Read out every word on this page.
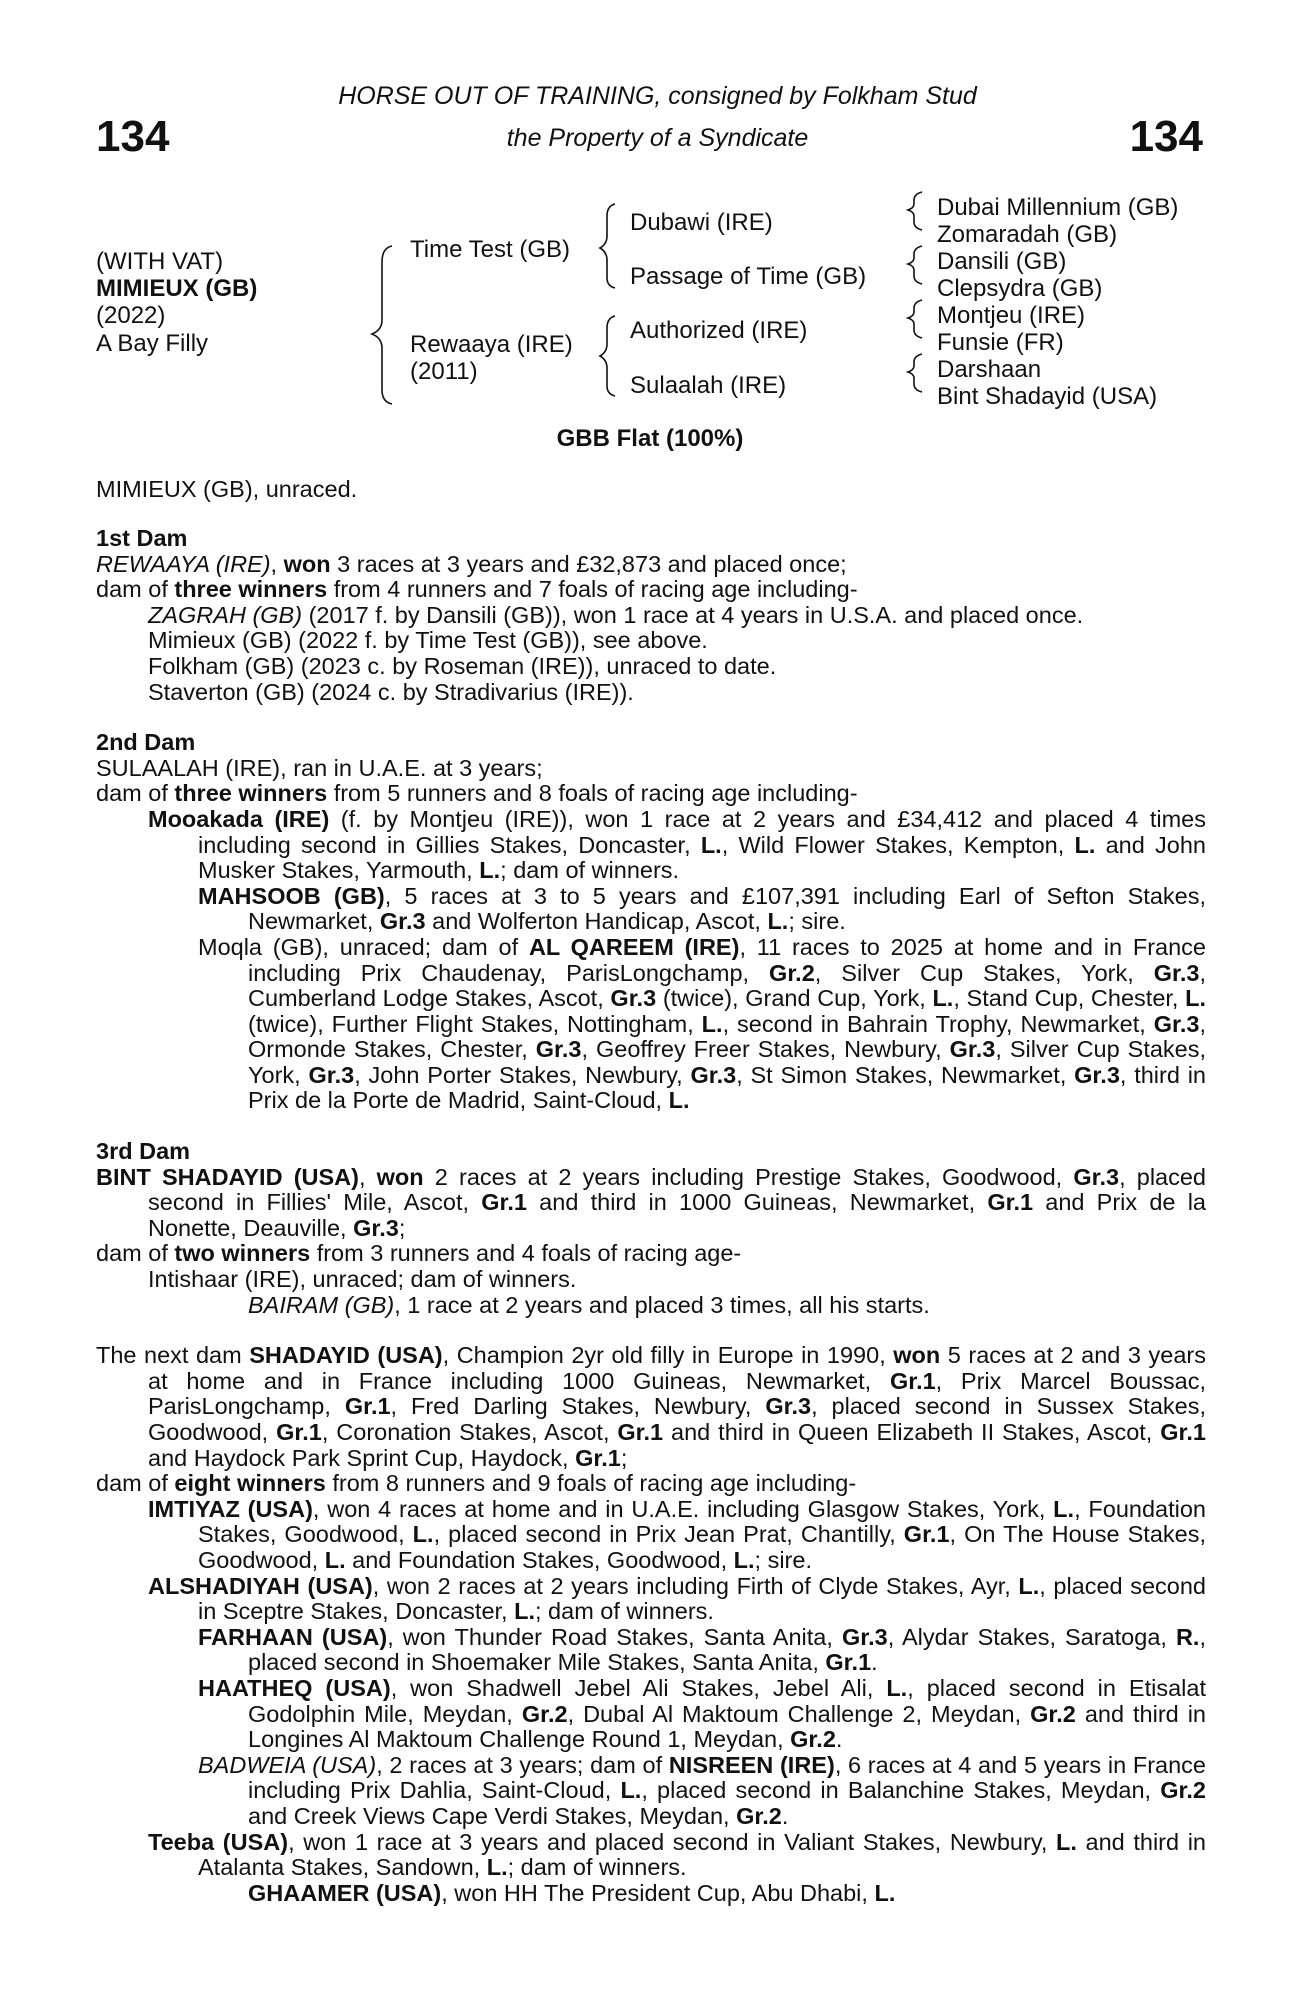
134	134
HORSE OUT OF TRAINING, consigned by Folkham Stud
the Property of a Syndicate
(WITH VAT)
MIMIEUX (GB)
(2022)
A Bay Filly
Time Test (GB)
Rewaaya (IRE)
(2011)
Dubawi (IRE)
Passage of Time (GB)
Authorized (IRE)
Sulaalah (IRE)
Dubai Millennium (GB)
Zomaradah (GB)
Dansili (GB)
Clepsydra (GB)
Montjeu (IRE)
Funsie (FR)
Darshaan
Bint Shadayid (USA)
GBB Flat (100%)
MIMIEUX (GB), unraced.
1st Dam
REWAAYA (IRE), won 3 races at 3 years and £32,873 and placed once;
dam of three winners from 4 runners and 7 foals of racing age including-
ZAGRAH (GB) (2017 f. by Dansili (GB)), won 1 race at 4 years in U.S.A. and placed once.
Mimieux (GB) (2022 f. by Time Test (GB)), see above.
Folkham (GB) (2023 c. by Roseman (IRE)), unraced to date.
Staverton (GB) (2024 c. by Stradivarius (IRE)).
2nd Dam
SULAALAH (IRE), ran in U.A.E. at 3 years;
dam of three winners from 5 runners and 8 foals of racing age including-
Mooakada (IRE) (f. by Montjeu (IRE)), won 1 race at 2 years and £34,412 and placed 4 times including second in Gillies Stakes, Doncaster, L., Wild Flower Stakes, Kempton, L. and John Musker Stakes, Yarmouth, L.; dam of winners.
MAHSOOB (GB), 5 races at 3 to 5 years and £107,391 including Earl of Sefton Stakes, Newmarket, Gr.3 and Wolferton Handicap, Ascot, L.; sire.
Moqla (GB), unraced; dam of AL QAREEM (IRE), 11 races to 2025 at home and in France including Prix Chaudenay, ParisLongchamp, Gr.2, Silver Cup Stakes, York, Gr.3, Cumberland Lodge Stakes, Ascot, Gr.3 (twice), Grand Cup, York, L., Stand Cup, Chester, L. (twice), Further Flight Stakes, Nottingham, L., second in Bahrain Trophy, Newmarket, Gr.3, Ormonde Stakes, Chester, Gr.3, Geoffrey Freer Stakes, Newbury, Gr.3, Silver Cup Stakes, York, Gr.3, John Porter Stakes, Newbury, Gr.3, St Simon Stakes, Newmarket, Gr.3, third in Prix de la Porte de Madrid, Saint-Cloud, L.
3rd Dam
BINT SHADAYID (USA), won 2 races at 2 years including Prestige Stakes, Goodwood, Gr.3, placed second in Fillies' Mile, Ascot, Gr.1 and third in 1000 Guineas, Newmarket, Gr.1 and Prix de la Nonette, Deauville, Gr.3;
dam of two winners from 3 runners and 4 foals of racing age-
Intishaar (IRE), unraced; dam of winners.
BAIRAM (GB), 1 race at 2 years and placed 3 times, all his starts.
The next dam SHADAYID (USA), Champion 2yr old filly in Europe in 1990, won 5 races at 2 and 3 years at home and in France including 1000 Guineas, Newmarket, Gr.1, Prix Marcel Boussac, ParisLongchamp, Gr.1, Fred Darling Stakes, Newbury, Gr.3, placed second in Sussex Stakes, Goodwood, Gr.1, Coronation Stakes, Ascot, Gr.1 and third in Queen Elizabeth II Stakes, Ascot, Gr.1 and Haydock Park Sprint Cup, Haydock, Gr.1;
dam of eight winners from 8 runners and 9 foals of racing age including-
IMTIYAZ (USA), won 4 races at home and in U.A.E. including Glasgow Stakes, York, L., Foundation Stakes, Goodwood, L., placed second in Prix Jean Prat, Chantilly, Gr.1, On The House Stakes, Goodwood, L. and Foundation Stakes, Goodwood, L.; sire.
ALSHADIYAH (USA), won 2 races at 2 years including Firth of Clyde Stakes, Ayr, L., placed second in Sceptre Stakes, Doncaster, L.; dam of winners.
FARHAAN (USA), won Thunder Road Stakes, Santa Anita, Gr.3, Alydar Stakes, Saratoga, R., placed second in Shoemaker Mile Stakes, Santa Anita, Gr.1.
HAATHEQ (USA), won Shadwell Jebel Ali Stakes, Jebel Ali, L., placed second in Etisalat Godolphin Mile, Meydan, Gr.2, Dubal Al Maktoum Challenge 2, Meydan, Gr.2 and third in Longines Al Maktoum Challenge Round 1, Meydan, Gr.2.
BADWEIA (USA), 2 races at 3 years; dam of NISREEN (IRE), 6 races at 4 and 5 years in France including Prix Dahlia, Saint-Cloud, L., placed second in Balanchine Stakes, Meydan, Gr.2 and Creek Views Cape Verdi Stakes, Meydan, Gr.2.
Teeba (USA), won 1 race at 3 years and placed second in Valiant Stakes, Newbury, L. and third in Atalanta Stakes, Sandown, L.; dam of winners.
GHAAMER (USA), won HH The President Cup, Abu Dhabi, L.
